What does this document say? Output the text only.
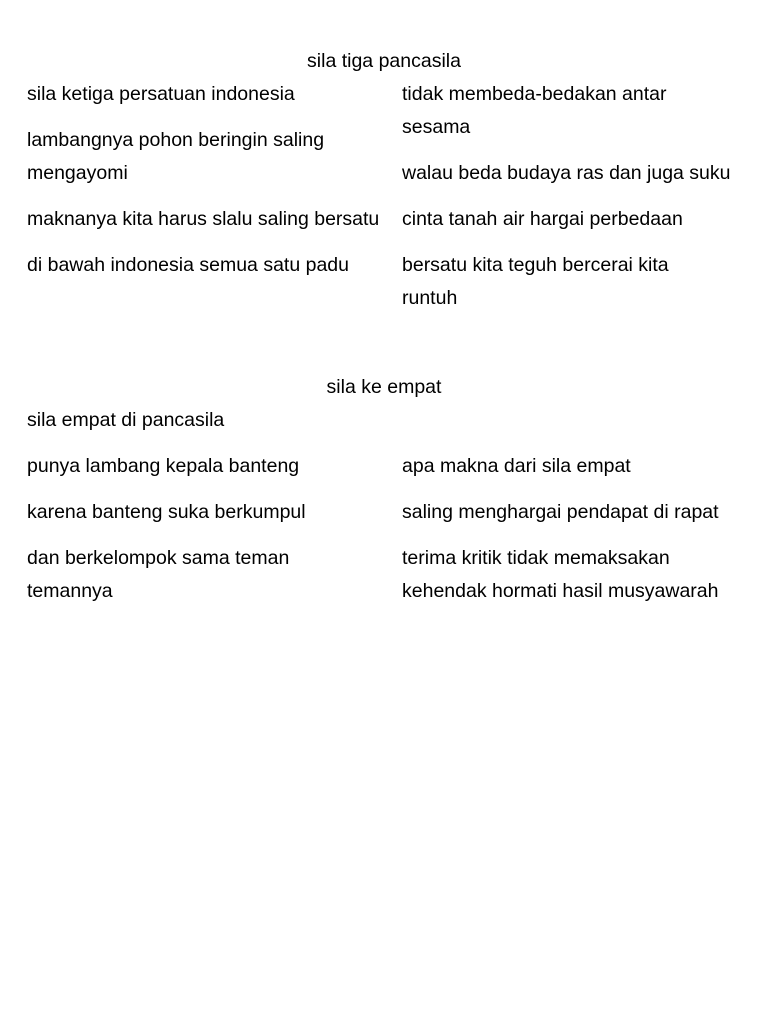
sila tiga pancasila

sila ketiga persatuan indonesia

lambangnya pohon beringin saling mengayomi

maknanya kita harus slalu saling bersatu

di bawah indonesia semua satu padu

tidak membeda-bedakan antar sesama

walau beda budaya ras dan juga suku

cinta tanah air hargai perbedaan

bersatu kita teguh bercerai kita runtuh

sila ke empat

sila empat di pancasila

punya lambang kepala banteng

karena banteng suka berkumpul

dan berkelompok sama teman temannya

apa makna dari sila empat

saling menghargai pendapat di rapat

terima kritik tidak memaksakan kehendak hormati hasil musyawarah
